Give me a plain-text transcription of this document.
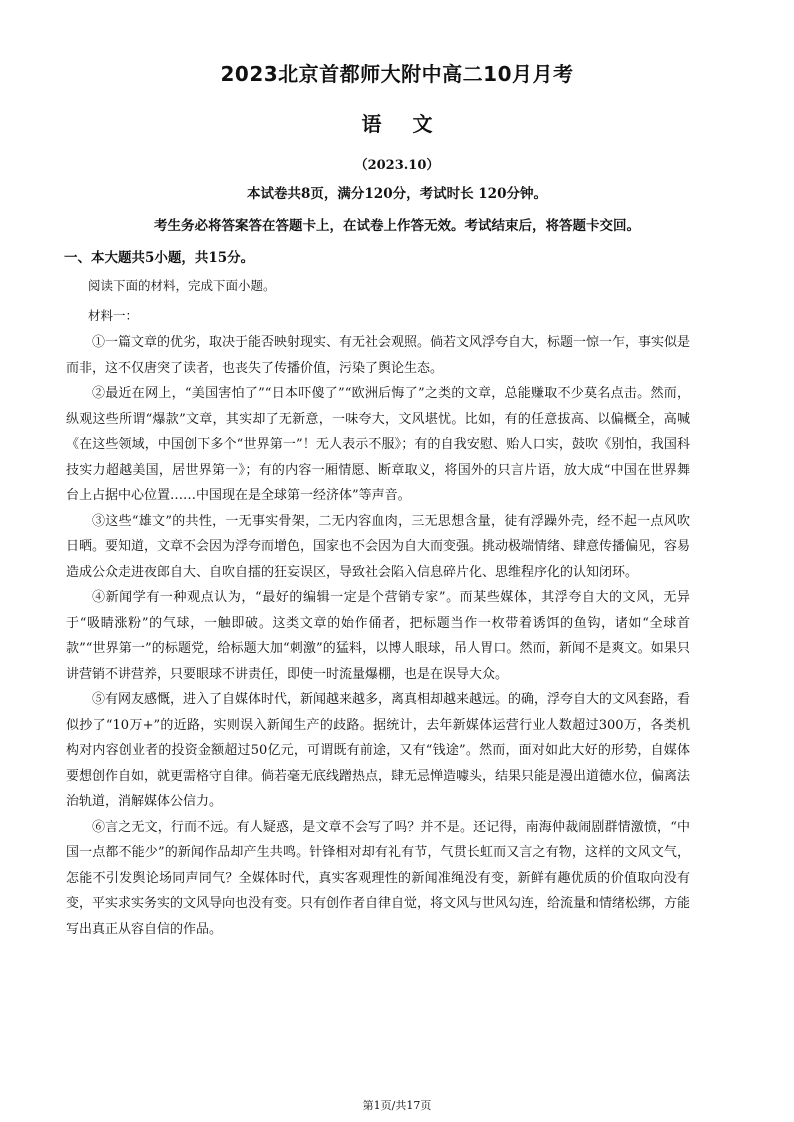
2023北京首都师大附中高二10月月考
语 文
（2023.10）
本试卷共8页，满分120分，考试时长 120分钟。
考生务必将答案答在答题卡上，在试卷上作答无效。考试结束后，将答题卡交回。
一、本大题共5小题，共15分。
阅读下面的材料，完成下面小题。
材料一：

①一篇文章的优劣，取决于能否映射现实、有无社会观照。倘若文风浮夸自大，标题一惊一乍，事实似是而非，这不仅唐突了读者，也丧失了传播价值，污染了舆论生态。

②最近在网上，“美国害怕了”“日本吓傻了”“欧洲后悔了”之类的文章，总能赚取不少莫名点击。然而，纵观这些所谓“爆款”文章，其实却了无新意，一味夸大，文风堪忧。比如，有的任意拔高、以偏概全，高喊《在这些领域，中国创下多个“世界第一”！无人表示不服》；有的自我安慰、贻人口实，鼓吹《别怕，我国科技实力超越美国，居世界第一》；有的内容一厢情愿、断章取义，将国外的只言片语，放大成“中国在世界舞台上占据中心位置……中国现在是全球第一经济体”等声音。

③这些“雄文”的共性，一无事实骨架，二无内容血肉，三无思想含量，徒有浮躁外壳，经不起一点风吹日晒。要知道，文章不会因为浮夸而增色，国家也不会因为自大而变强。挑动极端情绪、肆意传播偏见，容易造成公众走进夜郎自大、自吹自擂的狂妄误区，导致社会陷入信息碎片化、思维程序化的认知闭环。

④新闻学有一种观点认为，“最好的编辑一定是个营销专家”。而某些媒体，其浮夸自大的文风，无异于“吸睛涨粉”的气球，一触即破。这类文章的始作俑者，把标题当作一枚带着诱饵的鱼钩，诸如“全球首款”“世界第一”的标题党，给标题大加“刺激”的猛料，以博人眼球，吊人胃口。然而，新闻不是爽文。如果只讲营销不讲营养，只要眼球不讲责任，即使一时流量爆棚，也是在误导大众。

⑤有网友感慨，进入了自媒体时代，新闻越来越多，离真相却越来越远。的确，浮夸自大的文风套路，看似抄了“10万+”的近路，实则误入新闻生产的歧路。据统计，去年新媒体运营行业人数超过300万，各类机构对内容创业者的投资金额超过50亿元，可谓既有前途，又有“钱途”。然而，面对如此大好的形势，自媒体要想创作自如，就更需格守自律。倘若毫无底线蹭热点，肆无忌惮造噱头，结果只能是漫出道德水位，偏离法治轨道，消解媒体公信力。

⑥言之无文，行而不远。有人疑惑，是文章不会写了吗？并不是。还记得，南海仲裁闹剧群情激愤，“中国一点都不能少”的新闻作品却产生共鸣。针锋相对却有礼有节，气贯长虹而又言之有物，这样的文风文气，怎能不引发舆论场同声同气？全媒体时代，真实客观理性的新闻准绳没有变，新鲜有趣优质的价值取向没有变，平实求实务实的文风导向也没有变。只有创作者自律自觉，将文风与世风勾连，给流量和情绪松绑，方能写出真正从容自信的作品。

第1页/共17页
